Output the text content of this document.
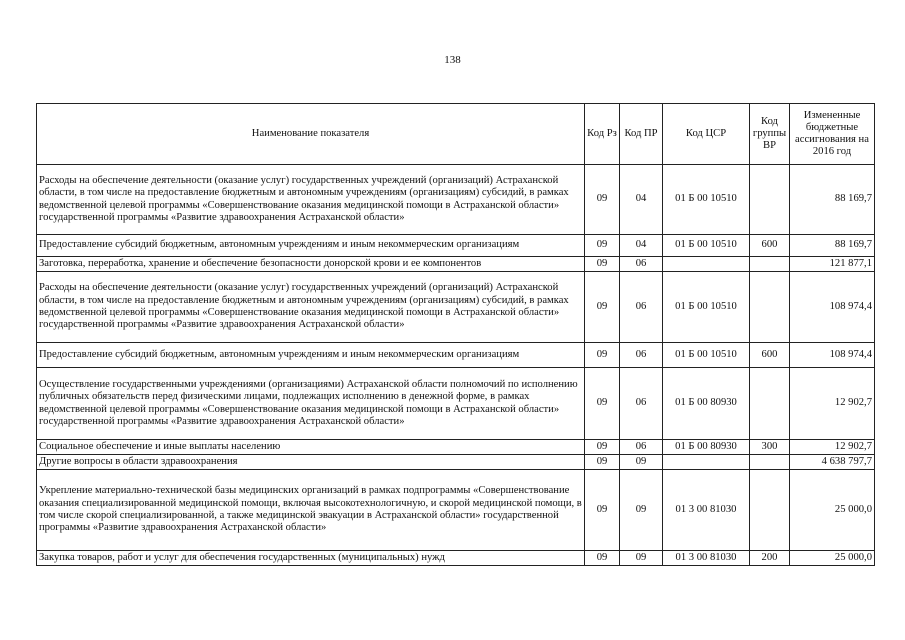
138
Наименование показателя	Код Рз	Код ПР	Код ЦСР	Код группы ВР	Измененные бюджетные ассигнования на 2016 год
Расходы на обеспечение деятельности (оказание услуг) государственных учреждений (организаций) Астраханской области, в том числе на предоставление бюджетным и автономным учреждениям (организациям) субсидий, в рамках ведомственной целевой программы «Совершенствование оказания медицинской помощи в Астраханской области» государственной программы «Развитие здравоохранения Астраханской области»	09	04	01 Б 00 10510		88 169,7
Предоставление субсидий бюджетным, автономным учреждениям и иным некоммерческим организациям	09	04	01 Б 00 10510	600	88 169,7
Заготовка, переработка, хранение и обеспечение безопасности донорской крови и ее компонентов	09	06			121 877,1
Расходы на обеспечение деятельности (оказание услуг) государственных учреждений (организаций) Астраханской области, в том числе на предоставление бюджетным и автономным учреждениям (организациям) субсидий, в рамках ведомственной целевой программы «Совершенствование оказания медицинской помощи в Астраханской области» государственной программы «Развитие здравоохранения Астраханской области»	09	06	01 Б 00 10510		108 974,4
Предоставление субсидий бюджетным, автономным учреждениям и иным некоммерческим организациям	09	06	01 Б 00 10510	600	108 974,4
Осуществление государственными учреждениями (организациями) Астраханской области полномочий по исполнению публичных обязательств перед физическими лицами, подлежащих исполнению в денежной форме, в рамках ведомственной целевой программы «Совершенствование оказания медицинской помощи в Астраханской области» государственной программы «Развитие здравоохранения Астраханской области»	09	06	01 Б 00 80930		12 902,7
Социальное обеспечение и иные выплаты населению	09	06	01 Б 00 80930	300	12 902,7
Другие вопросы в области здравоохранения	09	09			4 638 797,7
Укрепление материально-технической базы медицинских организаций в рамках подпрограммы «Совершенствование оказания специализированной медицинской помощи, включая высокотехнологичную, и скорой медицинской помощи, в том числе скорой специализированной, а также медицинской эвакуации в Астраханской области» государственной программы «Развитие здравоохранения Астраханской области»	09	09	01 3 00 81030		25 000,0
Закупка товаров, работ и услуг для обеспечения государственных (муниципальных) нужд	09	09	01 3 00 81030	200	25 000,0
